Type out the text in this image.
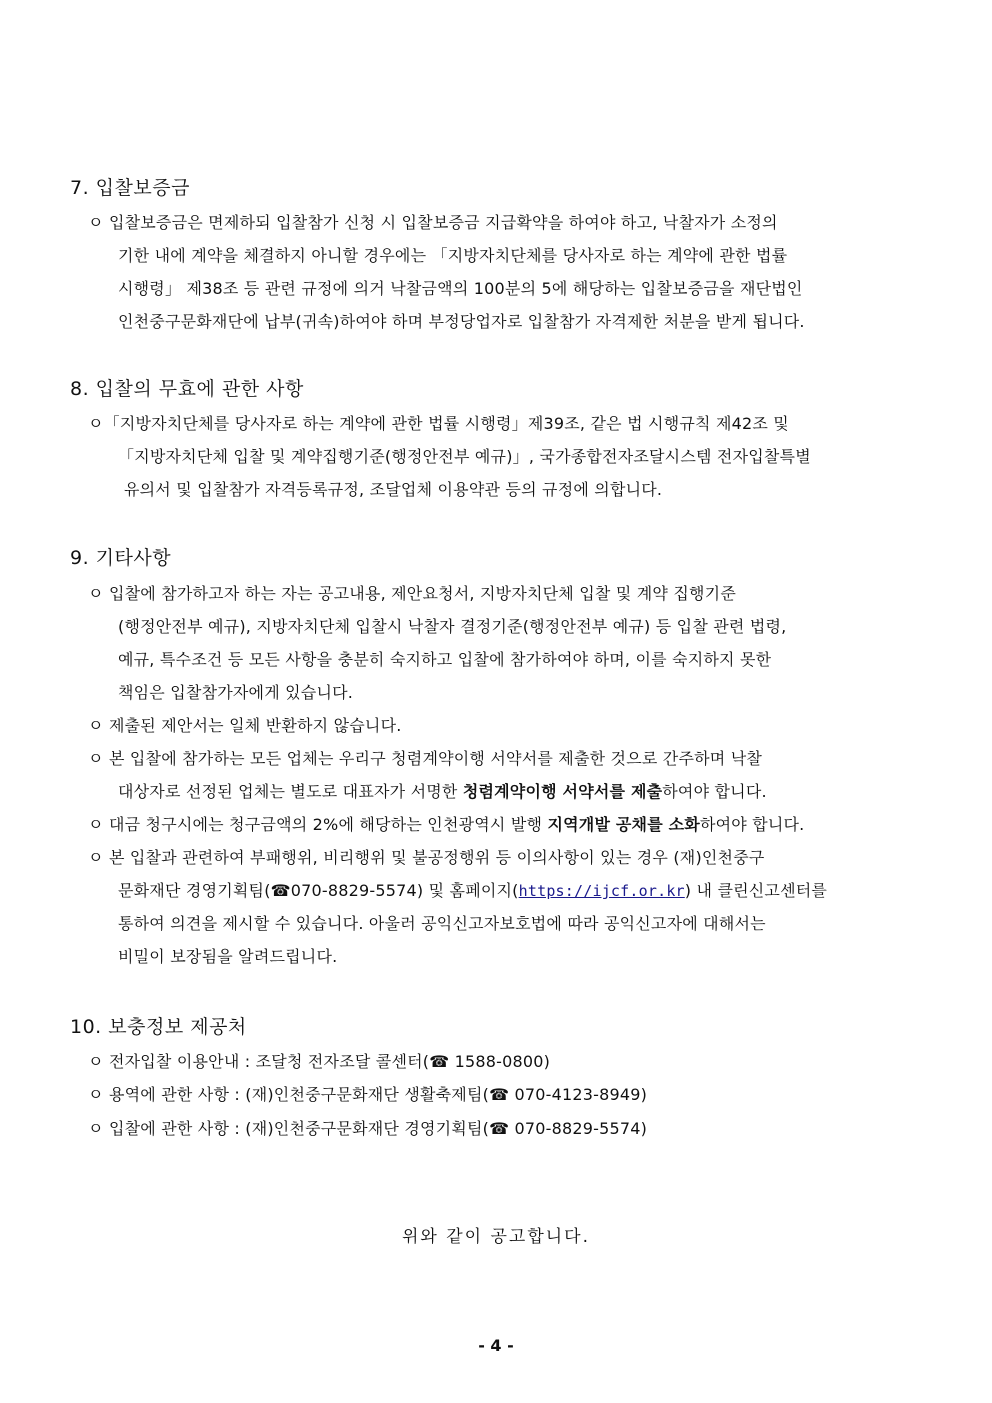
7. 입찰보증금
ㅇ 입찰보증금은 면제하되 입찰참가 신청 시 입찰보증금 지급확약을 하여야 하고, 낙찰자가 소정의
기한 내에 계약을 체결하지 아니할 경우에는 「지방자치단체를 당사자로 하는 계약에 관한 법률
시행령」 제38조 등 관련 규정에 의거 낙찰금액의 100분의 5에 해당하는 입찰보증금을 재단법인
인천중구문화재단에 납부(귀속)하여야 하며 부정당업자로 입찰참가 자격제한 처분을 받게 됩니다.
8. 입찰의 무효에 관한 사항
ㅇ「지방자치단체를 당사자로 하는 계약에 관한 법률 시행령」제39조, 같은 법 시행규칙 제42조 및
「지방자치단체 입찰 및 계약집행기준(행정안전부 예규)」, 국가종합전자조달시스템 전자입찰특별
유의서 및 입찰참가 자격등록규정, 조달업체 이용약관 등의 규정에 의합니다.
9. 기타사항
ㅇ 입찰에 참가하고자 하는 자는 공고내용, 제안요청서, 지방자치단체 입찰 및 계약 집행기준
(행정안전부 예규), 지방자치단체 입찰시 낙찰자 결정기준(행정안전부 예규) 등 입찰 관련 법령,
예규, 특수조건 등 모든 사항을 충분히 숙지하고 입찰에 참가하여야 하며, 이를 숙지하지 못한
책임은 입찰참가자에게 있습니다.
ㅇ 제출된 제안서는 일체 반환하지 않습니다.
ㅇ 본 입찰에 참가하는 모든 업체는 우리구 청렴계약이행 서약서를 제출한 것으로 간주하며 낙찰
대상자로 선정된 업체는 별도로 대표자가 서명한 청렴계약이행 서약서를 제출하여야 합니다.
ㅇ 대금 청구시에는 청구금액의 2%에 해당하는 인천광역시 발행 지역개발 공채를 소화하여야 합니다.
ㅇ 본 입찰과 관련하여 부패행위, 비리행위 및 불공정행위 등 이의사항이 있는 경우 (재)인천중구
문화재단 경영기획팀(☎070-8829-5574) 및 홈페이지(https://ijcf.or.kr) 내 클린신고센터를
통하여 의견을 제시할 수 있습니다. 아울러 공익신고자보호법에 따라 공익신고자에 대해서는
비밀이 보장됨을 알려드립니다.
10. 보충정보 제공처
ㅇ 전자입찰 이용안내 : 조달청 전자조달 콜센터(☎ 1588-0800)
ㅇ 용역에 관한 사항 : (재)인천중구문화재단 생활축제팀(☎ 070-4123-8949)
ㅇ 입찰에 관한 사항 : (재)인천중구문화재단 경영기획팀(☎ 070-8829-5574)
위와 같이 공고합니다.
- 4 -
